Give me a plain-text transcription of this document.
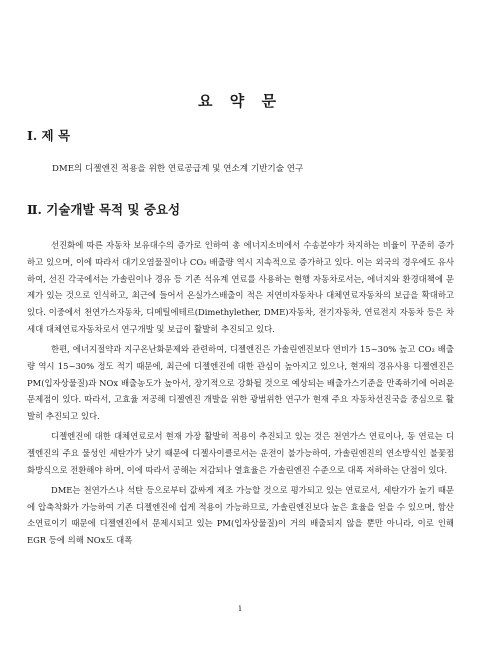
요 약 문
I. 제 목
DME의 디젤엔진 적용을 위한 연료공급계 및 연소계 기반기술 연구
Ⅱ. 기술개발 목적 및 중요성

선진화에 따른 자동차 보유대수의 증가로 인하여 총 에너지소비에서 수송분야가 차지하는 비율이 꾸준히 증가하고 있으며, 이에 따라서 대기오염물질이나 CO₂ 배출량 역시 지속적으로 증가하고 있다. 이는 외국의 경우에도 유사하여, 선진 각국에서는 가솔린이나 경유 등 기존 석유계 연료를 사용하는 현행 자동차로서는, 에너지와 환경대책에 문제가 있는 것으로 인식하고, 최근에 들어서 온실가스배출이 적은 저연비자동차나 대체연료자동차의 보급을 확대하고 있다. 이중에서 천연가스자동차, 디메틸에테르(Dimethylether, DME)자동차, 전기자동차, 연료전지 자동차 등은 차세대 대체연료자동차로서 연구개발 및 보급이 활발히 추진되고 있다.

한편, 에너지절약과 지구온난화문제와 관련하여, 디젤엔진은 가솔린엔진보다 연비가 15~30% 높고 CO₂ 배출량 역시 15~30% 정도 적기 때문에, 최근에 디젤엔진에 대한 관심이 높아지고 있으나, 현재의 경유사용 디젤엔진은 PM(입자상물질)과 NOx 배출농도가 높아서, 장기적으로 강화될 것으로 예상되는 배출가스기준을 만족하기에 어려운 문제점이 있다. 따라서, 고효율 저공해 디젤엔진 개발을 위한 광범위한 연구가 현재 주요 자동차선진국을 중심으로 활발히 추진되고 있다.

디젤엔진에 대한 대체연료로서 현재 가장 활발히 적용이 추진되고 있는 것은 천연가스 연료이나, 동 연료는 디젤엔진의 주요 물성인 세탄가가 낮기 때문에 디젤사이클로서는 운전이 불가능하여, 가솔린엔진의 연소방식인 불꽃점화방식으로 전환해야 하며, 이에 따라서 공해는 저감되나 열효율은 가솔린엔진 수준으로 대폭 저하하는 단점이 있다.

DME는 천연가스나 석탄 등으로부터 값싸게 제조 가능할 것으로 평가되고 있는 연료로서, 세탄가가 높기 때문에 압축착화가 가능하여 기존 디젤엔진에 쉽게 적용이 가능하므로, 가솔린엔진보다 높은 효율을 얻을 수 있으며, 함산소연료이기 때문에 디젤엔진에서 문제시되고 있는 PM(입자상물질)이 거의 배출되지 않을 뿐만 아니라, 이로 인해 EGR 등에 의해 NOx도 대폭

i
